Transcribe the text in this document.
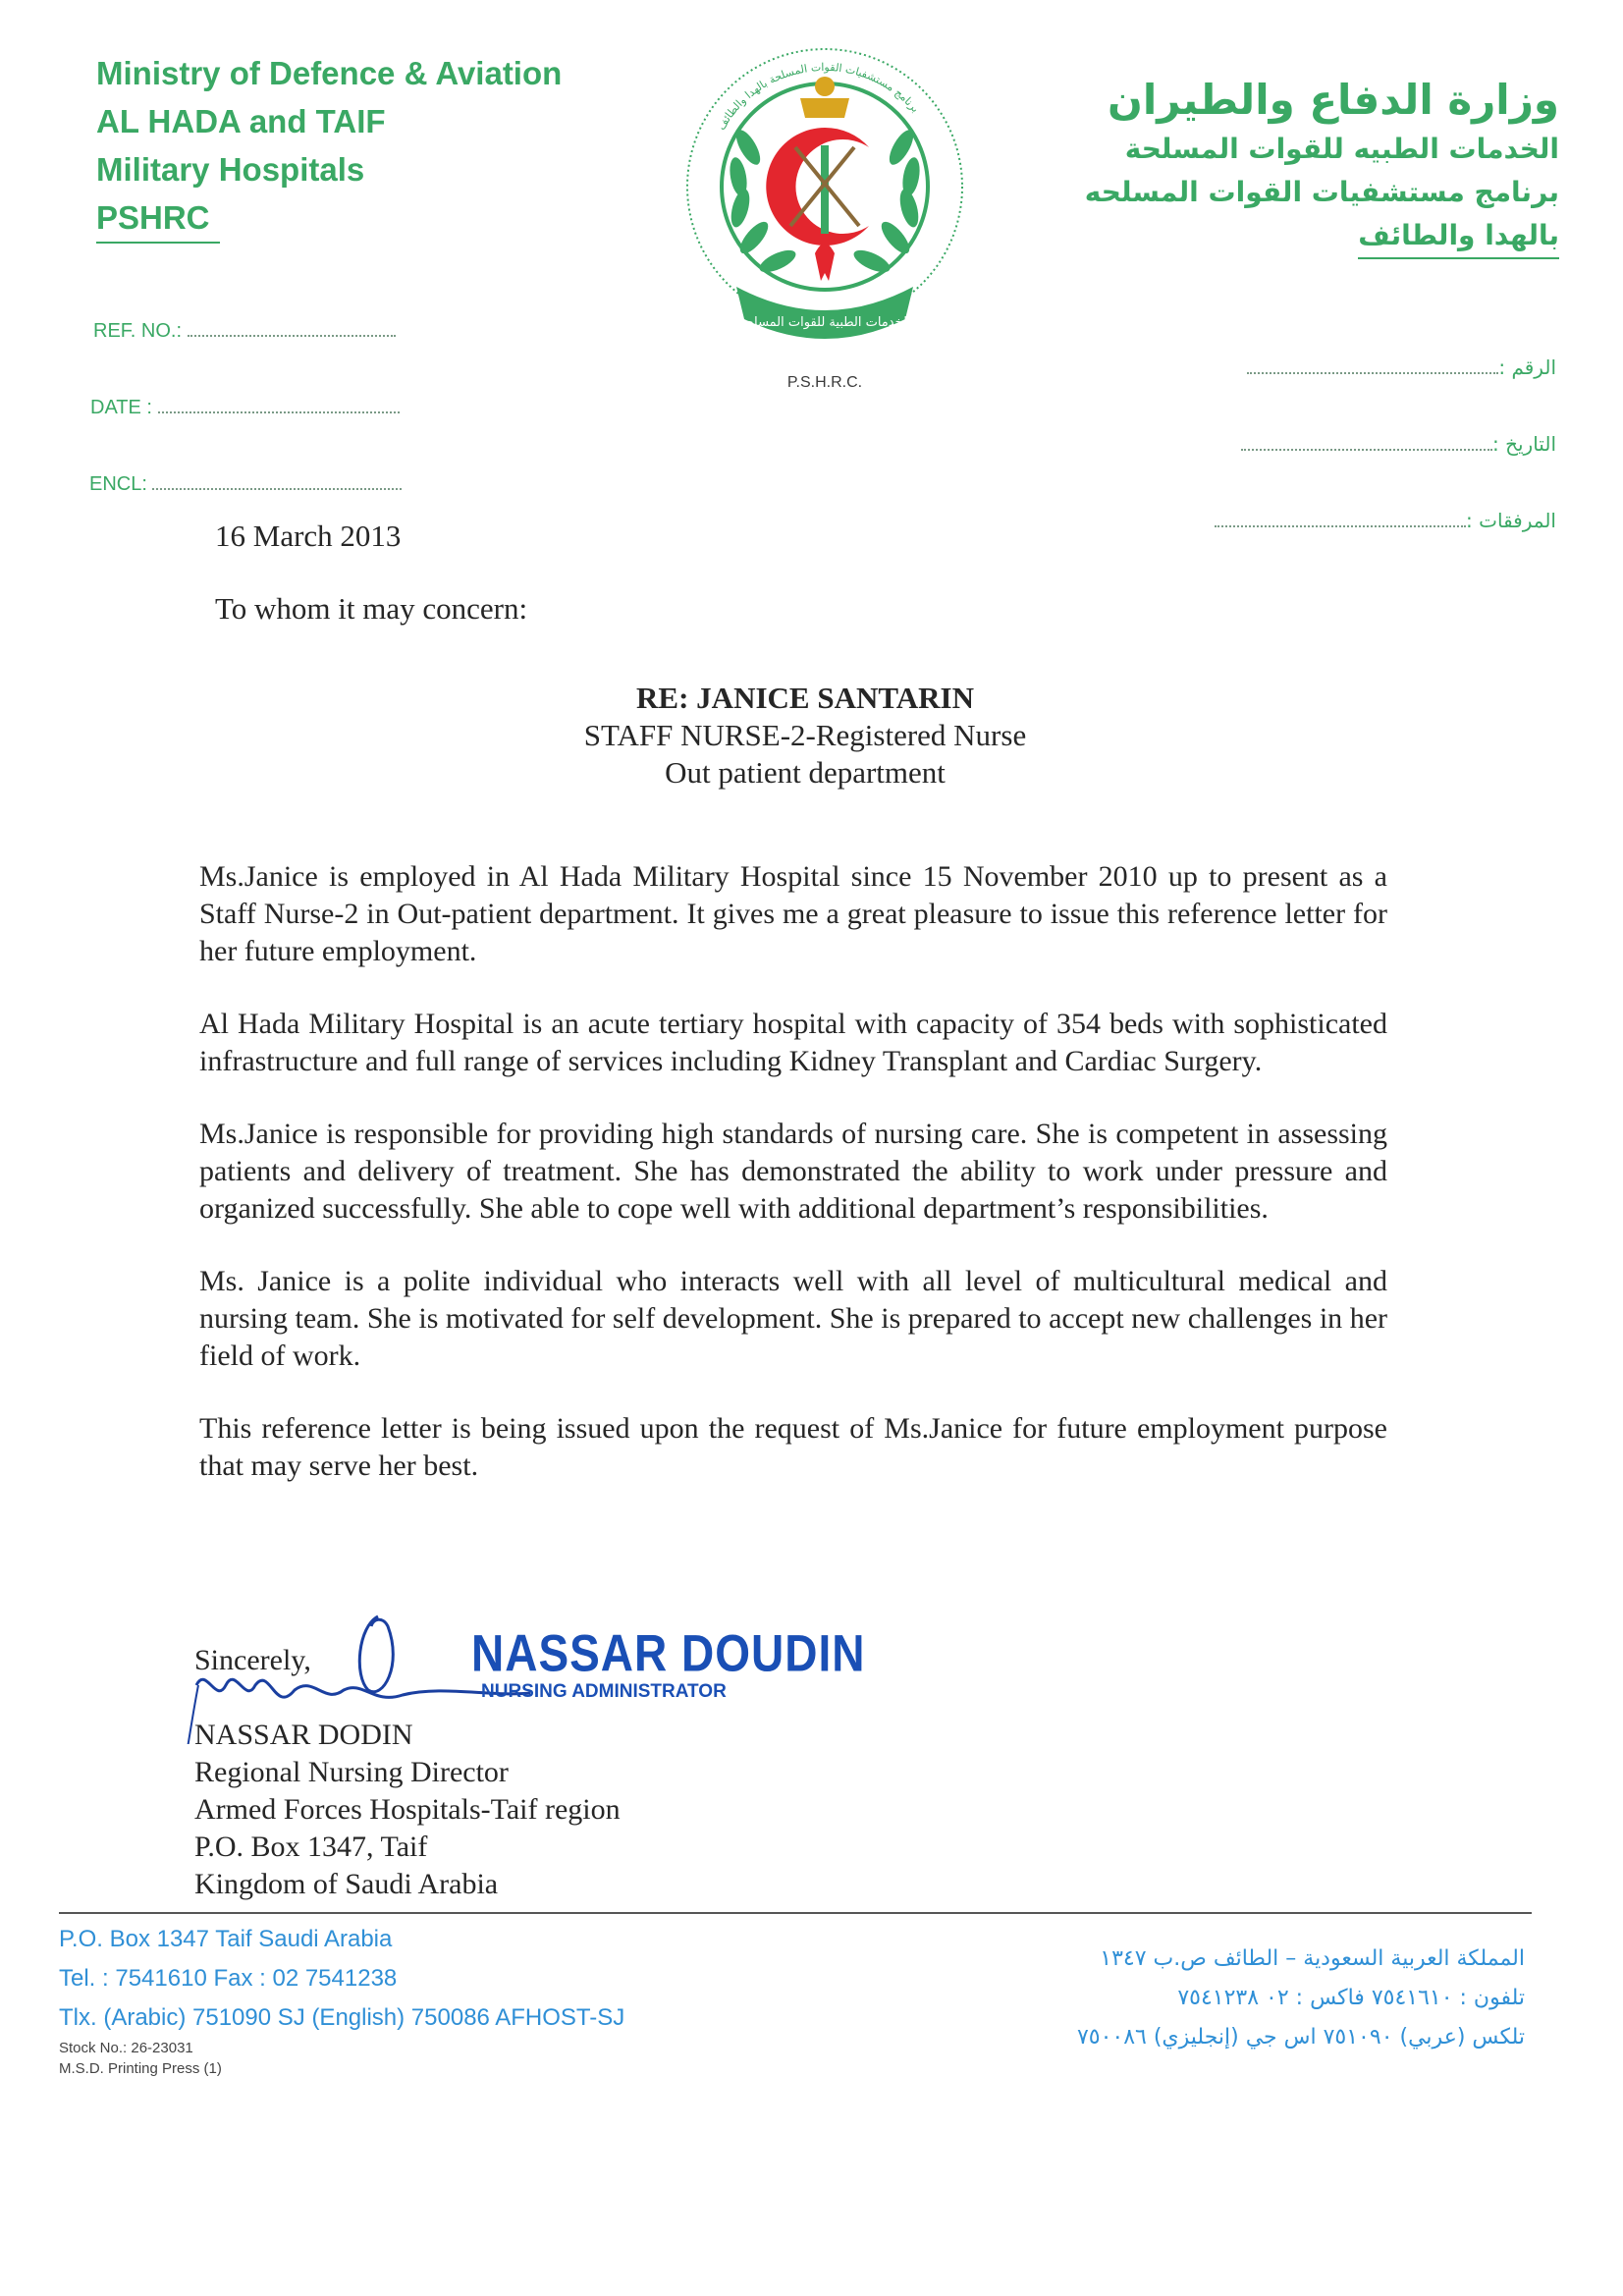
Ministry of Defence & Aviation
AL HADA and TAIF
Military Hospitals
PSHRC
وزارة الدفاع والطيران
الخدمات الطبيه للقوات المسلحة
برنامج مستشفيات القوات المسلحه
بالهدا والطائف
برنامج مستشفيات القوات المسلحة بالهدا والطائف
الخدمات الطبية للقوات المسلحة
P.S.H.R.C.
REF. NO.:
DATE :
ENCL:
الرقم :
التاريخ :
المرفقات :
16 March 2013
To whom it may concern:
RE: JANICE SANTARIN
STAFF NURSE-2-Registered Nurse
Out patient department

Ms.Janice is employed in Al Hada Military Hospital since 15 November 2010 up to present as a Staff Nurse-2 in Out-patient department. It gives me a great pleasure to issue this reference letter for her future employment.

Al Hada Military Hospital is an acute tertiary hospital with capacity of 354 beds with sophisticated infrastructure and full range of services including Kidney Transplant and Cardiac Surgery.

Ms.Janice is responsible for providing high standards of nursing care. She is competent in assessing patients and delivery of treatment. She has demonstrated the ability to work under pressure and organized successfully. She able to cope well with additional department’s responsibilities.

Ms. Janice is a polite individual who interacts well with all level of multicultural medical and nursing team. She is motivated for self development. She is prepared to accept new challenges in her field of work.

This reference letter is being issued upon the request of Ms.Janice for future employment purpose that may serve her best.

NASSAR DOUDIN
NURSING ADMINISTRATOR
Sincerely,
NASSAR DODIN
Regional Nursing Director
Armed Forces Hospitals-Taif region
P.O. Box 1347, Taif
Kingdom of Saudi Arabia
P.O. Box 1347 Taif Saudi Arabia
Tel. : 7541610 Fax : 02 7541238
Tlx. (Arabic) 751090 SJ (English) 750086 AFHOST-SJ
Stock No.: 26-23031
M.S.D. Printing Press (1)
المملكة العربية السعودية – الطائف ص.ب ١٣٤٧
تلفون : ٧٥٤١٦١٠ فاكس : ٠٢ ٧٥٤١٢٣٨
تلكس (عربي) ٧٥١٠٩٠ اس جي (إنجليزي) ٧٥٠٠٨٦
